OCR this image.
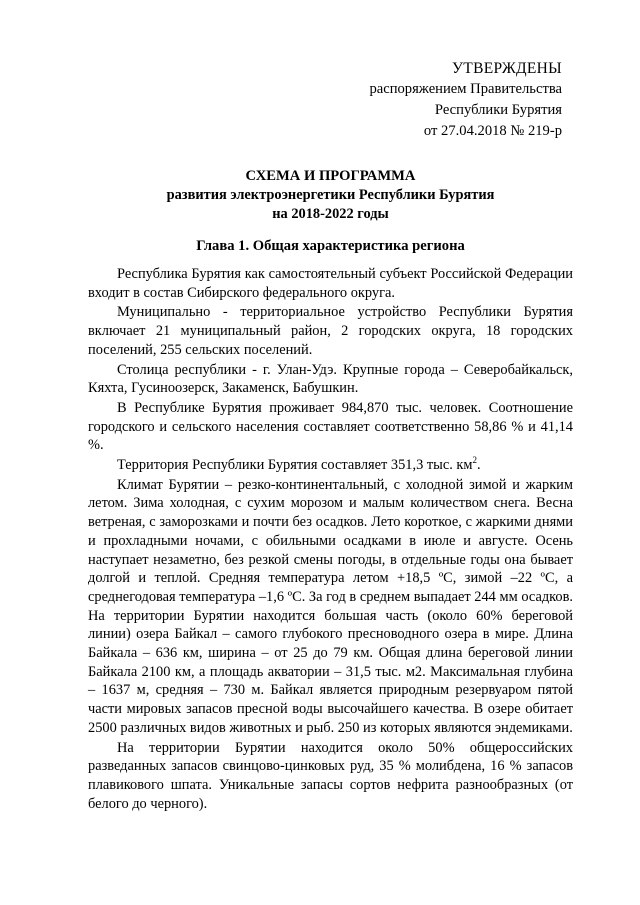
УТВЕРЖДЕНЫ
распоряжением Правительства
Республики Бурятия
от 27.04.2018 № 219-р
СХЕМА И ПРОГРАММА
развития электроэнергетики Республики Бурятия
на 2018-2022 годы
Глава 1. Общая характеристика региона

Республика Бурятия как самостоятельный субъект Российской Федерации входит в состав Сибирского федерального округа.

Муниципально - территориальное устройство Республики Бурятия включает 21 муниципальный район, 2 городских округа, 18 городских поселений, 255 сельских поселений.

Столица республики - г. Улан-Удэ. Крупные города – Северобайкальск, Кяхта, Гусиноозерск, Закаменск, Бабушкин.

В Республике Бурятия проживает 984,870 тыс. человек. Соотношение городского и сельского населения составляет соответственно 58,86 % и 41,14 %.

Территория Республики Бурятия составляет 351,3 тыс. $км^2$.

Климат Бурятии – резко-континентальный, с холодной зимой и жарким летом. Зима холодная, с сухим морозом и малым количеством снега. Весна ветреная, с заморозками и почти без осадков. Лето короткое, с жаркими днями и прохладными ночами, с обильными осадками в июле и августе. Осень наступает незаметно, без резкой смены погоды, в отдельные годы она бывает долгой и теплой. Средняя температура летом +18,5 ºС, зимой –22 ºС, а среднегодовая температура –1,6 ºС. За год в среднем выпадает 244 мм осадков. На территории Бурятии находится большая часть (около 60% береговой линии) озера Байкал – самого глубокого пресноводного озера в мире. Длина Байкала – 636 км, ширина – от 25 до 79 км. Общая длина береговой линии Байкала 2100 км, а площадь акватории – 31,5 тыс. м2. Максимальная глубина – 1637 м, средняя – 730 м. Байкал является природным резервуаром пятой части мировых запасов пресной воды высочайшего качества. В озере обитает 2500 различных видов животных и рыб. 250 из которых являются эндемиками.

На территории Бурятии находится около 50% общероссийских разведанных запасов свинцово-цинковых руд, 35 % молибдена, 16 % запасов плавикового шпата. Уникальные запасы сортов нефрита разнообразных (от белого до черного).
